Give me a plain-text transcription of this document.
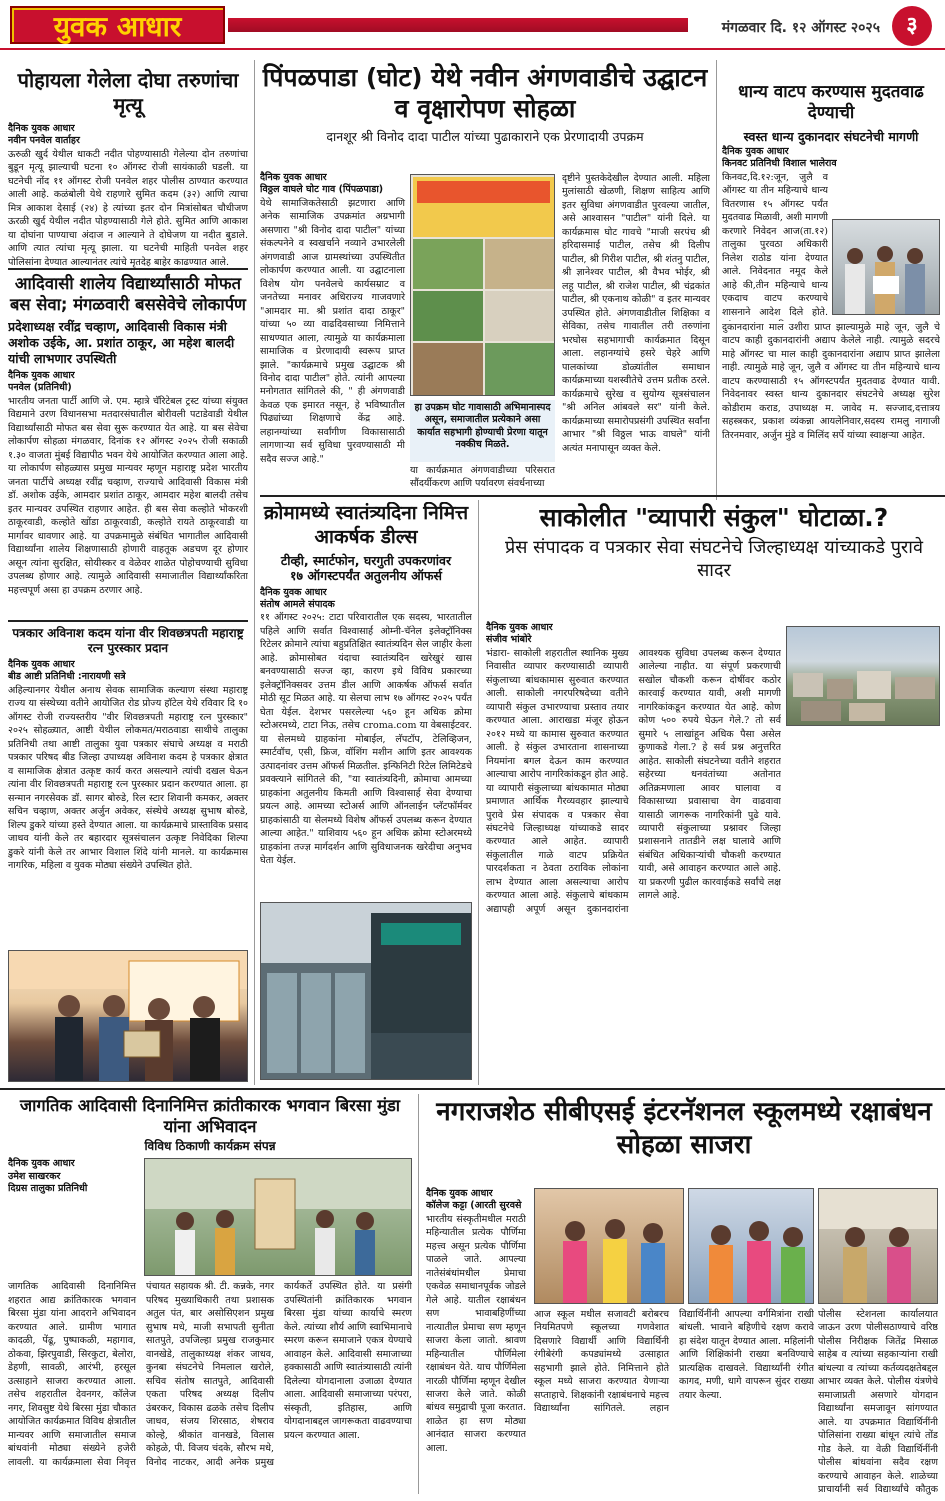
युवक आधार	मंगळवार दि. १२ ऑगस्ट २०२५	३
पोहायला गेलेला दोघा तरुणांचा मृत्यू
दैनिक युवक आधार
नवीन पनवेल वार्ताहर
ऊरुळी खुर्द येथील धाकटी नदीत पोहण्यासाठी गेलेल्या दोन तरुणांचा बुडून मृत्यू झाल्याची घटना १० ऑगस्ट रोजी सायंकाळी घडली. या घटनेची नोंद ११ ऑगस्ट रोजी पनवेल शहर पोलीस ठाण्यात करण्यात आली आहे. कळंबोली येथे राहणारे सुमित कदम (३२) आणि त्याचा मित्र आकाश देसाई (२४) हे त्यांच्या इतर दोन मित्रांसोबत चौधीजण ऊरळी खुर्द येथील नदीत पोहण्यासाठी गेले होते. सुमित आणि आकाश या दोघांना पाण्याचा अंदाज न आल्याने ते दोघेजण या नदीत बुडाले. आणि त्यात त्यांचा मृत्यू झाला. या घटनेची माहिती पनवेल शहर पोलिसांना देण्यात आल्यानंतर त्यांचे मृतदेह बाहेर काढण्यात आले.
आदिवासी शालेय विद्यार्थ्यांसाठी मोफत बस सेवा; मंगळवारी बससेवेचे लोकार्पण
प्रदेशाध्यक्ष रवींद्र चव्हाण, आदिवासी विकास मंत्री अशोक उईके, आ. प्रशांत ठाकूर, आ महेश बालदी यांची लाभणार उपस्थिती
दैनिक युवक आधार
पनवेल (प्रतिनिधी)
भारतीय जनता पार्टी आणि जे. एम. म्हात्रे चॅरिटेबल ट्रस्ट यांच्या संयुक्त विद्यमाने उरण विधानसभा मतदारसंघातील बोरीवली पटाडेवाडी येथील विद्यार्थ्यांसाठी मोफत बस सेवा सुरू करण्यात येत आहे. या बस सेवेचा लोकार्पण सोहळा मंगळवार, दिनांक १२ ऑगस्ट २०२५ रोजी सकाळी १.३० वाजता मुंबई विद्यापीठ भवन येथे आयोजित करण्यात आला आहे. या लोकार्पण सोहळ्यास प्रमुख मान्यवर म्हणून महाराष्ट्र प्रदेश भारतीय जनता पार्टीचे अध्यक्ष रवींद्र चव्हाण, राज्याचे आदिवासी विकास मंत्री डॉ. अशोक उईके, आमदार प्रशांत ठाकूर, आमदार महेश बालदी तसेच इतर मान्यवर उपस्थित राहणार आहेत. ही बस सेवा कल्होते भोकरशी ठाकूरवाडी, कल्होते खोंडा ठाकूरवाडी, कल्होते रायते ठाकूरवाडी या मार्गावर धावणार आहे. या उपक्रमामुळे संबंधित भागातील आदिवासी विद्यार्थ्यांना शालेय शिक्षणासाठी होणारी वाहतूक अडचण दूर होणार असून त्यांना सुरक्षित, सोयीस्कर व वेळेवर शाळेत पोहोचण्याची सुविधा उपलब्ध होणार आहे. त्यामुळे आदिवासी समाजातील विद्यार्थ्यांकरिता महत्त्वपूर्ण असा हा उपक्रम ठरणार आहे.
पत्रकार अविनाश कदम यांना वीर शिवछत्रपती महाराष्ट्र रत्न पुरस्कार प्रदान
दैनिक युवक आधार
बीड आष्टी प्रतिनिधी :नारायणी सत्रे
अहिल्यानगर येथील अनाथ सेवक सामाजिक कल्याण संस्था महाराष्ट्र राज्य या संस्थेच्या वतीने आयोजित रोड प्रोज्य हॉटेल येथे रविवार दि १० ऑगस्ट रोजी राज्यस्तरीय "वीर शिवछत्रपती महाराष्ट्र रत्न पुरस्कार" २०२५ सोहळ्यात, आष्टी येथील लोकमत/मराठवाडा साथीचे तालुका प्रतिनिधी तथा आष्टी तालुका युवा पत्रकार संघाचे अध्यक्ष व मराठी पत्रकार परिषद बीड जिल्हा उपाध्यक्ष अविनाश कदम हे पत्रकार क्षेत्रात व सामाजिक क्षेत्रात उत्कृष्ट कार्य करत असल्याने त्यांची दखल घेऊन त्यांना वीर शिवछत्रपती महाराष्ट्र रत्न पुरस्कार प्रदान करण्यात आला. हा सन्मान नगरसेवक डॉ. सागर बोरुडे, रिल स्टार शिवानी कमकर, अक्तर सचिन चव्हाण, अक्तर अर्जुन अवेकर, संस्थेचे अध्यक्ष सुभाष बोरुडे, शिल्प डुकरे यांच्या हस्ते देण्यात आला. या कार्यक्रमाचे प्रास्ताविक प्रसाद जाधव यांनी केले तर बहारदार सूत्रसंचालन उत्कृष्ट निवेदिका शिल्पा डुकरे यांनी केले तर आभार विशाल शिंदे यांनी मानले. या कार्यक्रमास नागरिक, महिला व युवक मोठ्या संख्येने उपस्थित होते.
पिंपळपाडा (घोट) येथे नवीन अंगणवाडीचे उद्घाटन व वृक्षारोपण सोहळा
दानशूर श्री विनोद दादा पाटील यांच्या पुढाकाराने एक प्रेरणादायी उपक्रम
दैनिक युवक आधार
विठ्ठल वाघले घोट गाव (पिंपळपाडा)
येथे सामाजिकतेसाठी झटणारा आणि अनेक सामाजिक उपक्रमांत अग्रभागी असणारा "श्री विनोद दादा पाटील" यांच्या संकल्पनेने व स्वखर्चाने नव्याने उभारलेली अंगणवाडी आज ग्रामस्थांच्या उपस्थितीत लोकार्पण करण्यात आली. या उद्घाटनाला विशेष योग पनवेलचे कार्यसम्राट व जनतेच्या मनावर अधिराज्य गाजवणारे "आमदार मा. श्री प्रशांत दादा ठाकूर" यांच्या ५० व्या वाढदिवसाच्या निमित्ताने साधण्यात आला, त्यामुळे या कार्यक्रमाला सामाजिक व प्रेरणादायी स्वरूप प्राप्त झाले. "कार्यक्रमाचे प्रमुख उद्घाटक श्री विनोद दादा पाटील" होते. त्यांनी आपल्या मनोगतात सांगितले की, " ही अंगणवाडी केवळ एक इमारत नसून, हे भविष्यातील पिढ्यांच्या शिक्षणाचे केंद्र आहे. लहानग्यांच्या सर्वांगीण विकासासाठी लागणाऱ्या सर्व सुविधा पुरवण्यासाठी मी सदैव सज्ज आहे."
हा उपक्रम घोट गावासाठी अभिमानास्पद असून, समाजातील प्रत्येकाने असा कार्यात सहभागी होण्याची प्रेरणा यातून नक्कीच मिळते.
या कार्यक्रमात अंगणवाडीच्या परिसरात सौंदर्यीकरण आणि पर्यावरण संवर्धनाच्या
दृष्टीने पुस्तकेदेखील देण्यात आली. महिला मुलांसाठी खेळणी, शिक्षण साहित्य आणि इतर सुविधा अंगणवाडीत पुरवल्या जातील, असे आश्वासन "पाटील" यांनी दिले. या कार्यक्रमास घोट गावचे "माजी सरपंच श्री हरिदासमाई पाटील, तसेच श्री दिलीप पाटील, श्री गिरीश पाटील, श्री शंतनु पाटील, श्री ज्ञानेश्वर पाटील, श्री वैभव भोईर, श्री लहू पाटील, श्री राजेश पाटील, श्री चंद्रकांत पाटील, श्री एकनाथ कोळी" व इतर मान्यवर उपस्थित होते. अंगणवाडीतील शिक्षिका व सेविका, तसेच गावातील तरी तरुणांना भरघोस सहभागाची कार्यक्रमात दिसून आला. लहानग्यांचे हसरे चेहरे आणि पालकांच्या डोळ्यांतील समाधान कार्यक्रमाच्या यशस्वीतेचे उत्तम प्रतीक ठरले. कार्यक्रमाचे सुरेख व सुयोग्य सूत्रसंचालन "श्री अनिल आंबवले सर" यांनी केले. कार्यक्रमाच्या समारोपप्रसंगी उपस्थित सर्वांना आभार "श्री विठ्ठल भाऊ वाघले" यांनी अत्यंत मनापासून व्यक्त केले.
धान्य वाटप करण्यास मुदतवाढ देण्याची
स्वस्त धान्य दुकानदार संघटनेची मागणी
दैनिक युवक आधार
किनवट प्रतिनिधी विशाल भालेराव
किनवट,दि.१२:जून, जुलै व ऑगस्ट या तीन महिन्याचे धान्य वितरणास १५ ऑगस्ट पर्यंत मुदतवाढ मिळावी, अशी मागणी करणारे निवेदन आज(ता.१२) तालुका पुरवठा अधिकारी निलेश राठोड यांना देण्यात आले. निवेदनात नमूद केले आहे की,तीन महिन्याचे धान्य एकदाच वाटप करण्याचे शासनाने आदेश दिले होते.
दुकानदारांना माल उशीरा प्राप्त झाल्यामुळे माहे जून, जुलै चे वाटप काही दुकानदारांनी अद्याप केलेले नाही. त्यामुळे सदरचे माहे ऑगस्ट चा माल काही दुकानदारांना अद्याप प्राप्त झालेला नाही. त्यामुळे माहे जून, जुलै व ऑगस्ट या तीन महिन्याचे धान्य वाटप करण्यासाठी १५ ऑगस्टपर्यंत मुदतवाढ देण्यात यावी. निवेदनावर स्वस्त धान्य दुकानदार संघटनेचे अध्यक्ष सुरेश कोडीराम कराड, उपाध्यक्ष म. जावेद म. सज्जाद,दत्तात्रय सहस्त्रकर, प्रकाश व्यंकन्ना आयलेनिवार,सदस्य रामलु नागाजी तिरनमवार, अर्जुन मुंडे व मिलिंद सर्पे यांच्या स्वाक्षऱ्या आहेत.
क्रोमामध्ये स्वातंत्र्यदिना निमित्त आकर्षक डील्स
टीव्ही, स्मार्टफोन, घरगुती उपकरणांवर
१७ ऑगस्टपर्यंत अतुलनीय ऑफर्स
दैनिक युवक आधार
संतोष आमले संपादक
११ ऑगस्ट २०२५: टाटा परिवारातील एक सदस्य, भारतातील पहिले आणि सर्वात विश्वासार्ह ओम्नी-चॅनेल इलेक्ट्रॉनिक्स रिटेलर क्रोमाने त्यांचा बहुप्रतिक्षित स्वातंत्र्यदिन सेल जाहीर केला आहे. क्रोमासोबत यंदाचा स्वातंत्र्यदिन खरेखुरं खास बनवण्यासाठी सज्ज व्हा, कारण इथे विविध प्रकारच्या इलेक्ट्रॉनिक्सवर उत्तम डील आणि आकर्षक ऑफर्स सर्वात मोठी सूट मिळत आहे. या सेलचा लाभ १७ ऑगस्ट २०२५ पर्यंत घेता येईल. देशभर पसरलेल्या ५६० हून अधिक क्रोमा स्टोअरमध्ये, टाटा निऊ, तसेच croma.com या वेबसाईटवर. या सेलमध्ये ग्राहकांना मोबाईल, लॅपटॉप, टेलिव्हिजन, स्मार्टवॉच, एसी, फ्रिज, वॉशिंग मशीन आणि इतर आवश्यक उत्पादनांवर उत्तम ऑफर्स मिळतील. इन्फिनिटी रिटेल लिमिटेडचे प्रवक्त्याने सांगितले की, "या स्वातंत्र्यदिनी, क्रोमाचा आमच्या ग्राहकांना अतुलनीय किमती आणि विश्वासार्ह सेवा देण्याचा प्रयत्न आहे. आमच्या स्टोअर्स आणि ऑनलाईन प्लॅटफॉर्मवर ग्राहकांसाठी या सेलमध्ये विशेष ऑफर्स उपलब्ध करून देण्यात आल्या आहेत." याशिवाय ५६० हून अधिक क्रोमा स्टोअरमध्ये ग्राहकांना तज्ज्ञ मार्गदर्शन आणि सुविधाजनक खरेदीचा अनुभव घेता येईल.
साकोलीत "व्यापारी संकुल" घोटाळा.?
प्रेस संपादक व पत्रकार सेवा संघटनेचे जिल्हाध्यक्ष यांच्याकडे पुरावे सादर
दैनिक युवक आधार
संजीव भांबोरे
भंडारा- साकोली शहरातील स्थानिक मुख्य निवासीत व्यापार करण्यासाठी व्यापारी संकुलाच्या बांधकामास सुरुवात करण्यात आली. साकोली नगरपरिषदेच्या वतीने व्यापारी संकुल उभारण्याचा प्रस्ताव तयार करण्यात आला. आराखडा मंजूर होऊन २०१२ मध्ये या कामास सुरुवात करण्यात आली. हे संकुल उभारताना शासनाच्या नियमांना बगल देऊन काम करण्यात आल्याचा आरोप नागरिकांकडून होत आहे. या व्यापारी संकुलाच्या बांधकामात मोठ्या प्रमाणात आर्थिक गैरव्यवहार झाल्याचे पुरावे प्रेस संपादक व पत्रकार सेवा संघटनेचे जिल्हाध्यक्ष यांच्याकडे सादर करण्यात आले आहेत. व्यापारी संकुलातील गाळे वाटप प्रक्रियेत पारदर्शकता न ठेवता ठराविक लोकांना लाभ देण्यात आला असल्याचा आरोप करण्यात आला आहे. संकुलाचे बांधकाम अद्यापही अपूर्ण असून दुकानदारांना आवश्यक सुविधा उपलब्ध करून देण्यात आलेल्या नाहीत. या संपूर्ण प्रकरणाची सखोल चौकशी करून दोषींवर कठोर कारवाई करण्यात यावी, अशी मागणी नागरिकांकडून करण्यात येत आहे. कोण कोण ५०० रुपये घेऊन गेले.? तो सर्व सुमारे ५ लाखांहून अधिक पैसा असेल कुणाकडे गेला.? हे सर्व प्रश्न अनुत्तरित आहेत. साकोली संघटनेच्या वतीने शहरात सहेरच्या धनवंतांच्या अतोनात अतिक्रमणाला आवर घालावा व विकासाच्या प्रवासाचा वेग वाढवावा यासाठी जागरूक नागरिकांनी पुढे यावे. व्यापारी संकुलाच्या प्रश्नावर जिल्हा प्रशासनाने तातडीने लक्ष घालावे आणि संबंधित अधिकाऱ्यांची चौकशी करण्यात यावी, असे आवाहन करण्यात आले आहे. या प्रकरणी पुढील कारवाईकडे सर्वांचे लक्ष लागले आहे.
जागतिक आदिवासी दिनानिमित्त क्रांतीकारक भगवान बिरसा मुंडा यांना अभिवादन
विविध ठिकाणी कार्यक्रम संपन्न
दैनिक युवक आधार
उमेश साखरकर
दिग्रस तालुका प्रतिनिधी
जागतिक आदिवासी दिनानिमित्त शहरात आद्य क्रांतिकारक भगवान बिरसा मुंडा यांना आदराने अभिवादन करण्यात आले. ग्रामीण भागात कादळी, पेंढू, पुष्पाकळी, महागाव, ठोकवा, झिरपुवाडी, सिरकुटा, बेलोरा, डेहणी, सावळी, आरंभी, हरसूल उत्साहाने साजरा करण्यात आला. तसेच शहरातील देवनगर, कॉलेज नगर, शिवसुष्ट येथे बिरसा मुंडा चौकात आयोजित कार्यक्रमात विविध क्षेत्रातील मान्यवर आणि समाजातील समाज बांधवांनी मोठ्या संख्येने हजेरी लावली. या कार्यक्रमाला सेवा निवृत्त पंचायत सहायक श्री. टी. कन्नके, नगर परिषद मुख्याधिकारी तथा प्रशासक अतुल पंत, बार असोसिएशन प्रमुख सुभाष मधे, माजी सभापती सुनीता सातपुते, उपजिल्हा प्रमुख राजकुमार वानखेडे, तालुकाध्यक्ष शंकर जाधव, कुनबा संघटनेचे निमलाल खरोले, सचिव संतोष सातपुते, आदिवासी एकता परिषद अध्यक्ष दिलीप उंबरकर, विकास ढळके तसेच दिलीप जाधव, संजय शिरसाठ, शेषराव कोल्हे, श्रीकांत वानखडे, विलास कोहळे, पी. विजय चंदके, सौरभ मधे, विनोद नाटकर, आदी अनेक प्रमुख कार्यकर्ते उपस्थित होते. या प्रसंगी उपस्थितांनी क्रांतिकारक भगवान बिरसा मुंडा यांच्या कार्याचे स्मरण केले. त्यांच्या शौर्य आणि स्वाभिमानाचे स्मरण करून समाजाने एकत्र येण्याचे आवाहन केले. आदिवासी समाजाच्या हक्कासाठी आणि स्वातंत्र्यासाठी त्यांनी दिलेल्या योगदानाला उजाळा देण्यात आला. आदिवासी समाजाच्या परंपरा, संस्कृती, इतिहास, आणि योगदानाबद्दल जागरूकता वाढवण्याचा प्रयत्न करण्यात आला.
नगराजशेठ सीबीएसई इंटरनॅशनल स्कूलमध्ये रक्षाबंधन सोहळा साजरा
दैनिक युवक आधार
कॉलेज कट्टा (आरती सुरवसे
भारतीय संस्कृतीमधील मराठी महिन्यातील प्रत्येक पौर्णिमा महत्त्व असून प्रत्येक पौर्णिमा पाळले जाते. आपल्या नातेसंबंधांमधील प्रेमाचा एकवेळ समाधानपूर्वक जोडले गेले आहे. यातील रक्षाबंधन सण भावाबहिणींच्या नात्यातील प्रेमाचा सण म्हणून साजरा केला जातो. श्रावण महिन्यातील पौर्णिमेला रक्षाबंधन येते. याच पौर्णिमेला नारळी पौर्णिमा म्हणून देखील साजरा केले जाते. कोळी बांधव समुद्राची पूजा करतात. शाळेत हा सण मोठ्या आनंदात साजरा करण्यात आला.
आज स्कूल मधील सजावटी बरोबरच नियमितपणे स्कूलच्या गणवेशात दिसणारे विद्यार्थी आणि विद्यार्थिनी रंगीबेरंगी कपड्यांमध्ये उत्साहात सहभागी झाले होते. निमित्ताने होते स्कूल मध्ये साजरा करण्यात येणाऱ्या सप्ताहाचे. शिक्षकांनी रक्षाबंधनाचे महत्त्व विद्यार्थ्यांना सांगितले. लहान विद्यार्थिनींनी आपल्या वर्गमित्रांना राखी बांधली. भावाने बहिणीचे रक्षण करावे हा संदेश यातून देण्यात आला. महिलांनी आणि शिक्षिकांनी राख्या बनविण्याचे प्रात्यक्षिक दाखवले. विद्यार्थ्यांनी रंगीत कागद, मणी, धागे वापरून सुंदर राख्या तयार केल्या.
पोलीस स्टेशनला कार्यालयात जाऊन उरण पोलीसठाण्याचे वरिष्ठ पोलीस निरीक्षक जितेंद्र मिसाळ साहेब व त्यांच्या सहकाऱ्यांना राखी बांधल्या व त्यांच्या कर्तव्यदक्षतेबद्दल आभार व्यक्त केले. पोलीस यंत्रणेचे समाजाप्रती असणारे योगदान विद्यार्थ्यांना समजावून सांगण्यात आले. या उपक्रमात विद्यार्थिनींनी पोलिसांना राख्या बांधून त्यांचे तोंड गोड केले. या वेळी विद्यार्थिनींनी पोलीस बांधवांना सदैव रक्षण करण्याचे आवाहन केले. शाळेच्या प्राचार्यांनी सर्व विद्यार्थ्यांचे कौतुक
